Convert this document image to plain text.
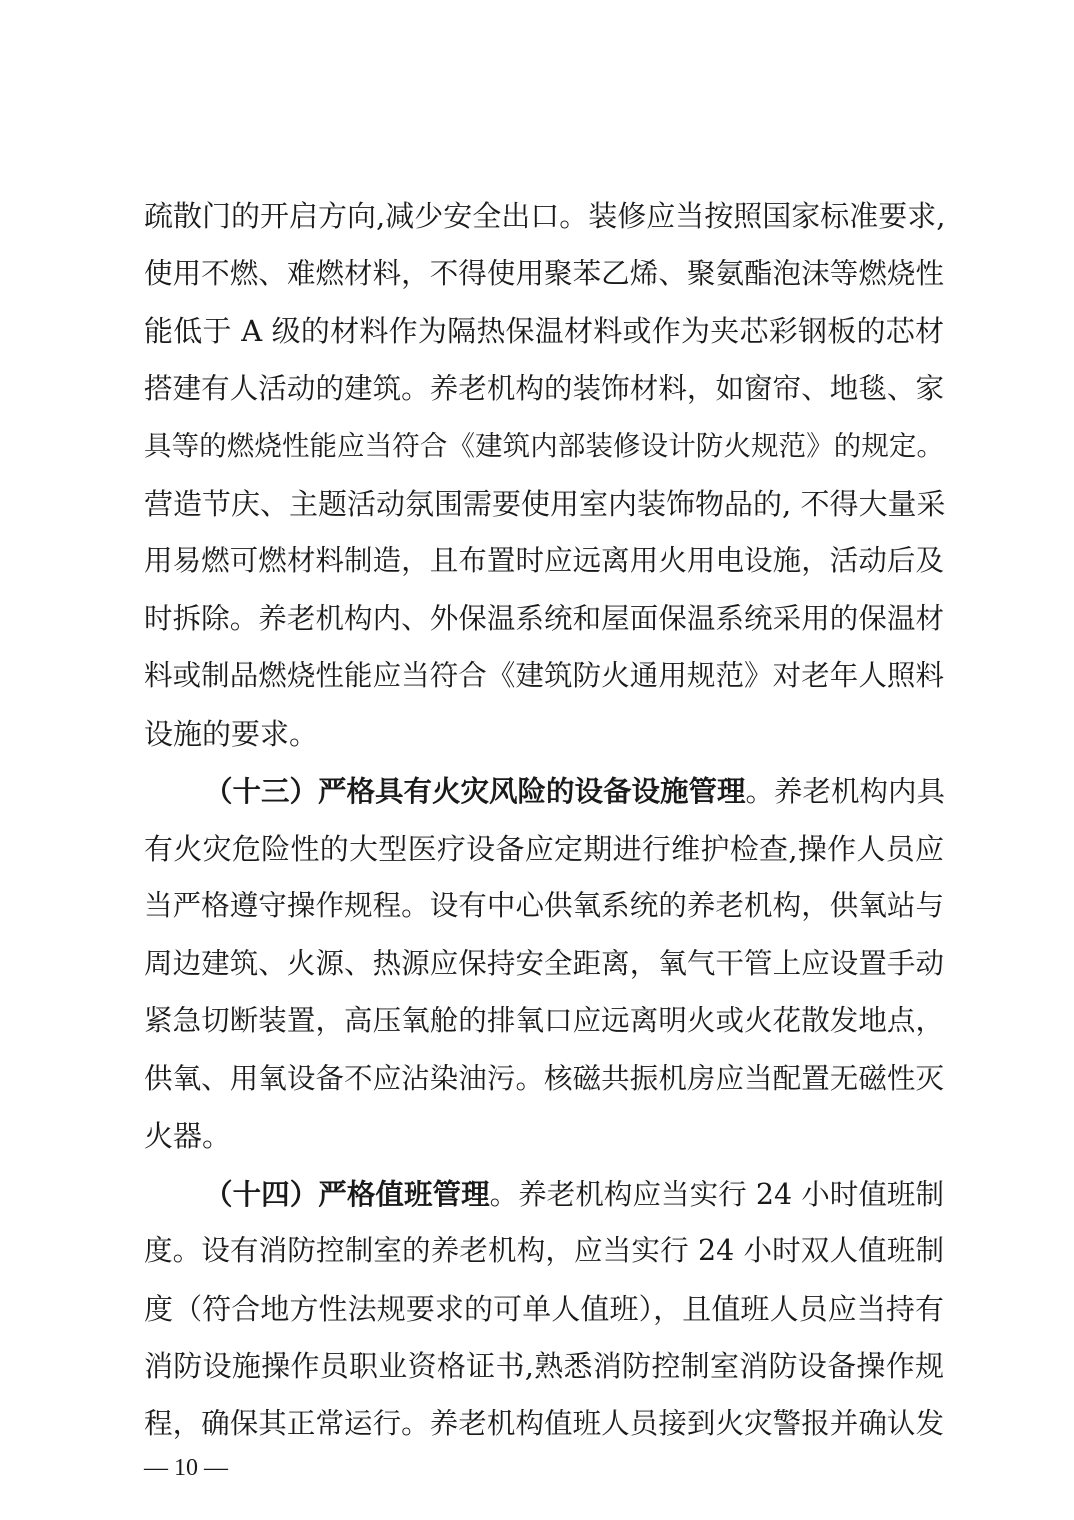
疏散门的开启方向,减少安全出口。装修应当按照国家标准要求,
使用不燃、难燃材料，不得使用聚苯乙烯、聚氨酯泡沫等燃烧性
能低于 A 级的材料作为隔热保温材料或作为夹芯彩钢板的芯材
搭建有人活动的建筑。养老机构的装饰材料，如窗帘、地毯、家
具等的燃烧性能应当符合《建筑内部装修设计防火规范》的规定。
营造节庆、主题活动氛围需要使用室内装饰物品的, 不得大量采
用易燃可燃材料制造，且布置时应远离用火用电设施，活动后及
时拆除。养老机构内、外保温系统和屋面保温系统采用的保温材
料或制品燃烧性能应当符合《建筑防火通用规范》对老年人照料
设施的要求。
（十三）严格具有火灾风险的设备设施管理。养老机构内具
有火灾危险性的大型医疗设备应定期进行维护检查,操作人员应
当严格遵守操作规程。设有中心供氧系统的养老机构，供氧站与
周边建筑、火源、热源应保持安全距离，氧气干管上应设置手动
紧急切断装置，高压氧舱的排氧口应远离明火或火花散发地点，
供氧、用氧设备不应沾染油污。核磁共振机房应当配置无磁性灭
火器。
（十四）严格值班管理。养老机构应当实行 24 小时值班制
度。设有消防控制室的养老机构，应当实行 24 小时双人值班制
度（符合地方性法规要求的可单人值班），且值班人员应当持有
消防设施操作员职业资格证书,熟悉消防控制室消防设备操作规
程，确保其正常运行。养老机构值班人员接到火灾警报并确认发
— 10 —
